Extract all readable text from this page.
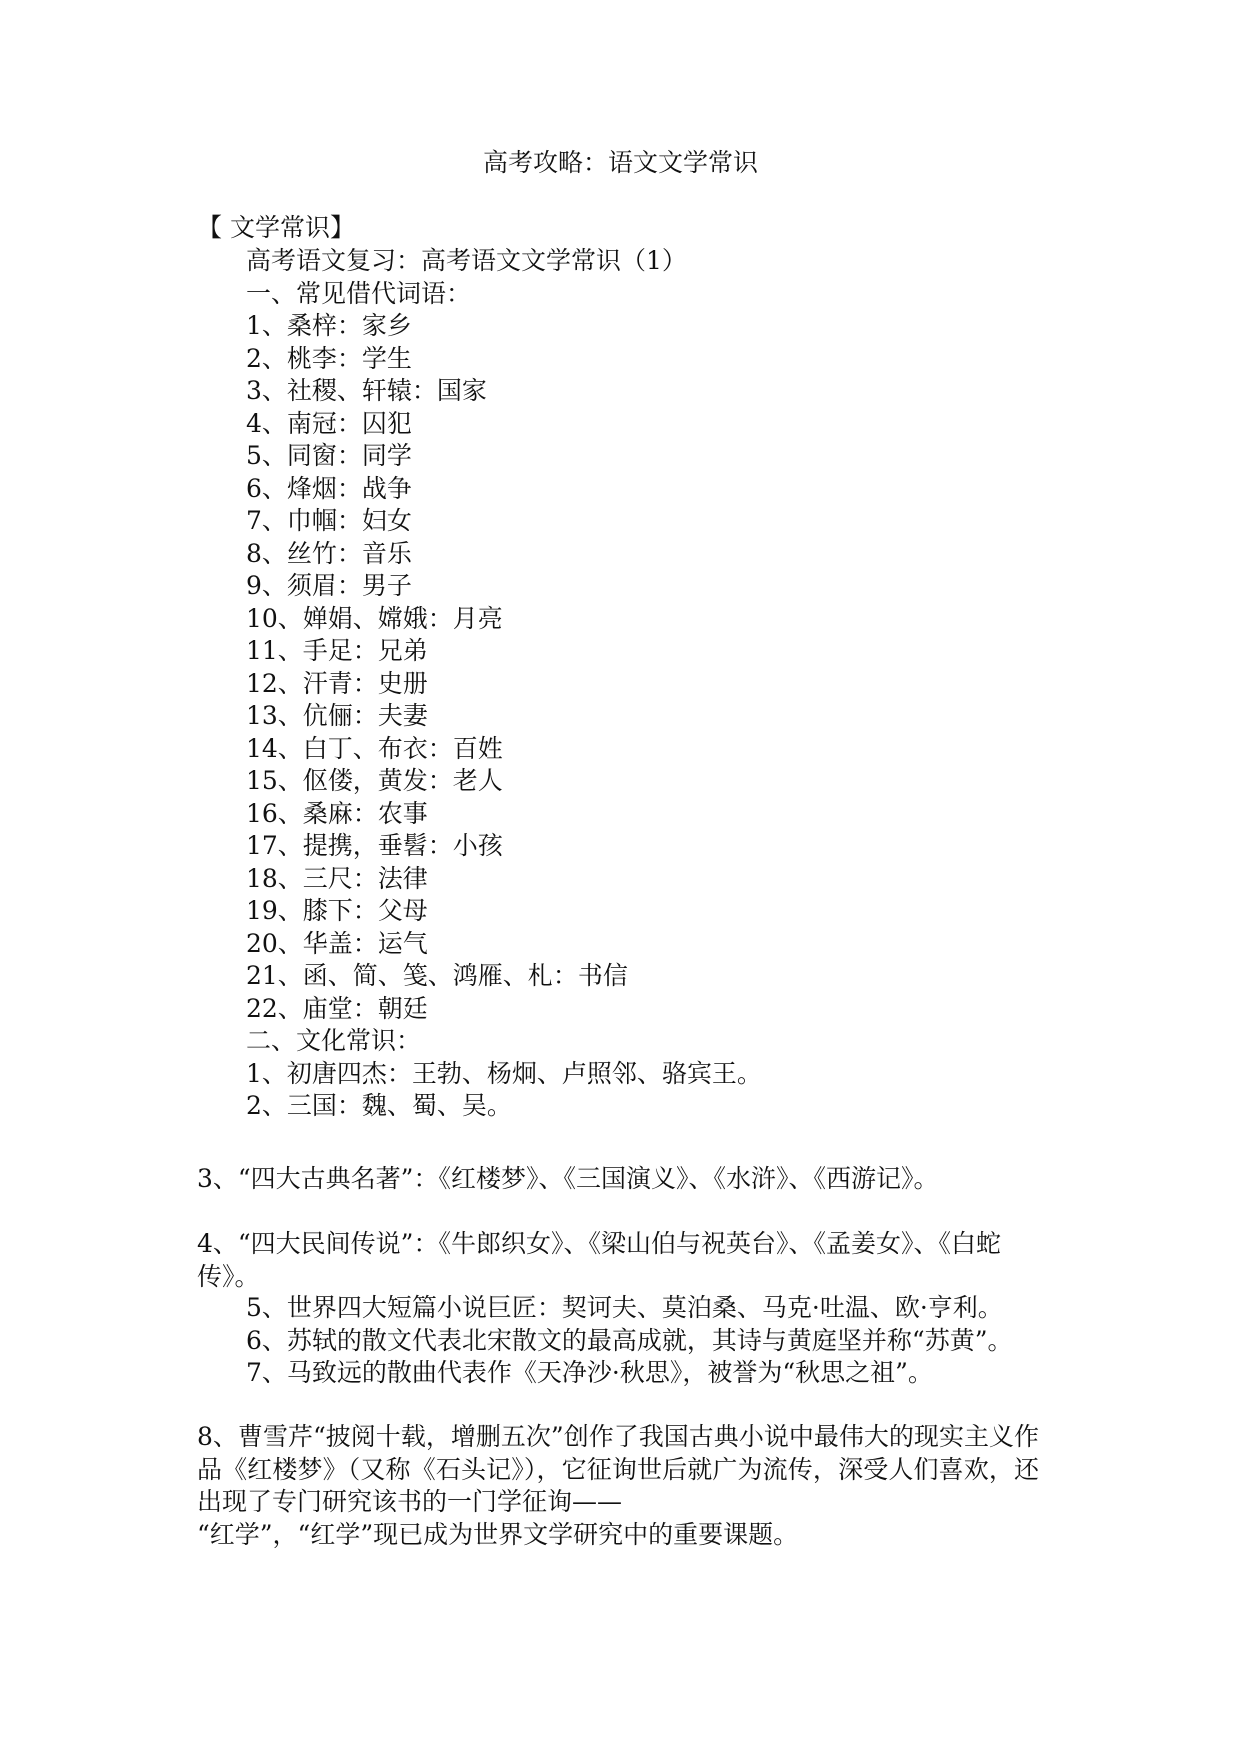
高考攻略：语文文学常识
【 文学常识】
高考语文复习：高考语文文学常识（1）
一、常见借代词语：
1、桑梓：家乡
2、桃李：学生
3、社稷、轩辕：国家
4、南冠：囚犯
5、同窗：同学
6、烽烟：战争
7、巾帼：妇女
8、丝竹：音乐
9、须眉：男子
10、婵娟、嫦娥：月亮
11、手足：兄弟
12、汗青：史册
13、伉俪：夫妻
14、白丁、布衣：百姓
15、伛偻，黄发：老人
16、桑麻：农事
17、提携，垂髫：小孩
18、三尺：法律
19、膝下：父母
20、华盖：运气
21、函、简、笺、鸿雁、札：书信
22、庙堂：朝廷
二、文化常识：
1、初唐四杰：王勃、杨炯、卢照邻、骆宾王。
2、三国：魏、蜀、吴。
3、“四大古典名著”：《红楼梦》、《三国演义》、《水浒》、《西游记》。
4、“四大民间传说”：《牛郎织女》、《梁山伯与祝英台》、《孟姜女》、《白蛇传》。
5、世界四大短篇小说巨匠：契诃夫、莫泊桑、马克·吐温、欧·亨利。
6、苏轼的散文代表北宋散文的最高成就，其诗与黄庭坚并称“苏黄”。
7、马致远的散曲代表作《天净沙·秋思》，被誉为“秋思之祖”。
8、曹雪芹“披阅十载，增删五次”创作了我国古典小说中最伟大的现实主义作品《红楼梦》（又称《石头记》），它征询世后就广为流传，深受人们喜欢，还出现了专门研究该书的一门学征询——
“红学”，“红学”现已成为世界文学研究中的重要课题。
